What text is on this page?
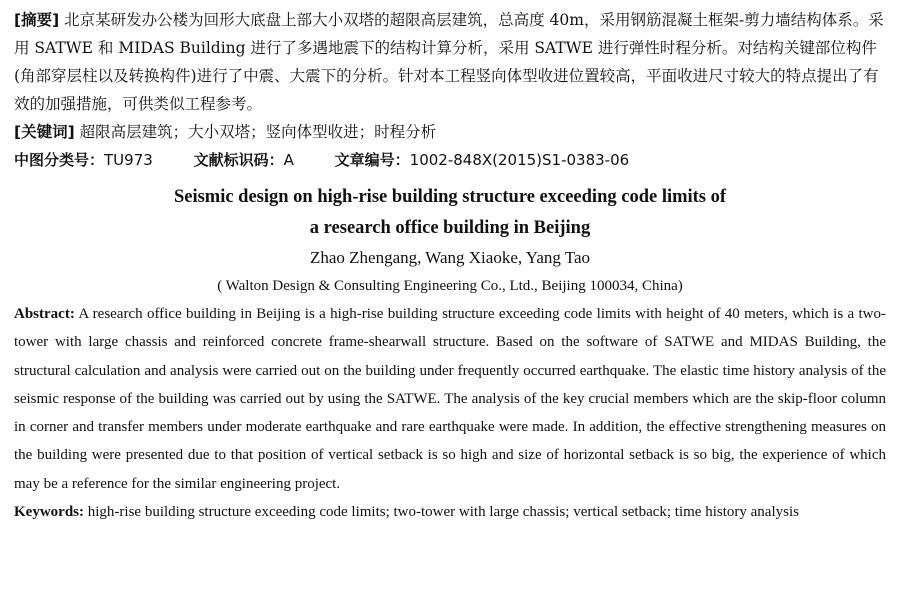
[摘要] 北京某研发办公楼为回形大底盘上部大小双塔的超限高层建筑，总高度 40m，采用钢筋混凝土框架-剪力墙结构体系。采用 SATWE 和 MIDAS Building 进行了多遇地震下的结构计算分析，采用 SATWE 进行弹性时程分析。对结构关键部位构件(角部穿层柱以及转换构件)进行了中震、大震下的分析。针对本工程竖向体型收进位置较高，平面收进尺寸较大的特点提出了有效的加强措施，可供类似工程参考。

[关键词] 超限高层建筑；大小双塔；竖向体型收进；时程分析

中图分类号：TU973	文献标识码：A	文章编号：1002-848X(2015)S1-0383-06

Seismic design on high-rise building structure exceeding code limits of
a research office building in Beijing

Zhao Zhengang, Wang Xiaoke, Yang Tao

( Walton Design & Consulting Engineering Co., Ltd., Beijing 100034, China)

Abstract: A research office building in Beijing is a high-rise building structure exceeding code limits with height of 40 meters, which is a two-tower with large chassis and reinforced concrete frame-shearwall structure. Based on the software of SATWE and MIDAS Building, the structural calculation and analysis were carried out on the building under frequently occurred earthquake. The elastic time history analysis of the seismic response of the building was carried out by using the SATWE. The analysis of the key crucial members which are the skip-floor column in corner and transfer members under moderate earthquake and rare earthquake were made. In addition, the effective strengthening measures on the building were presented due to that position of vertical setback is so high and size of horizontal setback is so big, the experience of which may be a reference for the similar engineering project.

Keywords: high-rise building structure exceeding code limits; two-tower with large chassis; vertical setback; time history analysis
